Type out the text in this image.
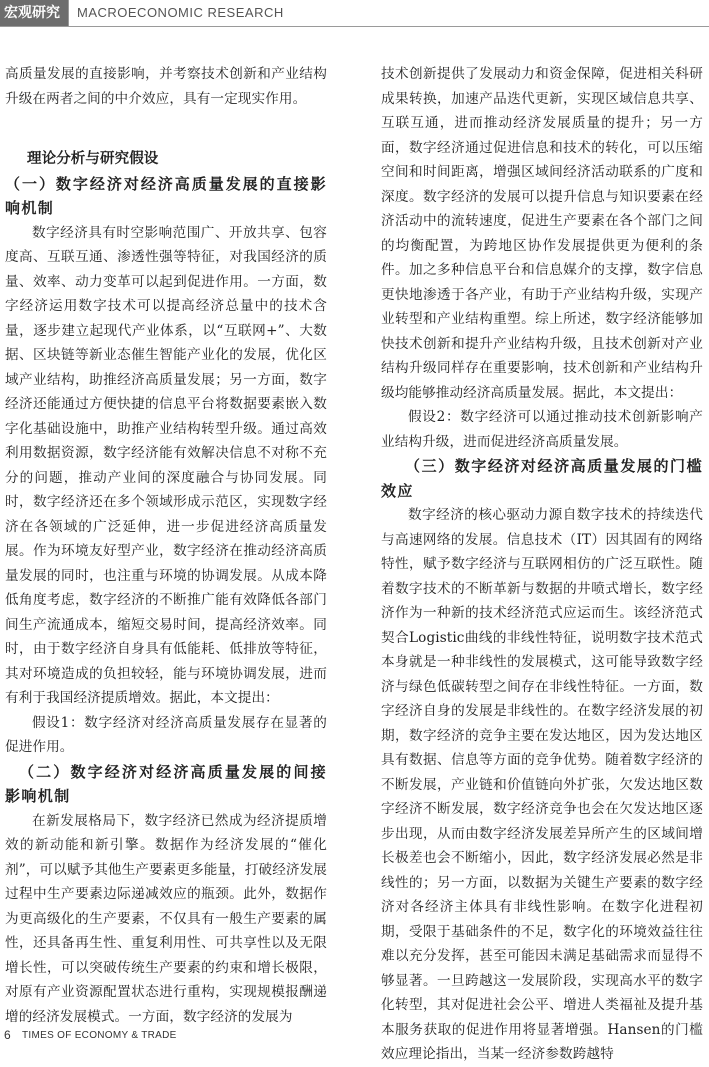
宏观研究	MACROECONOMIC RESEARCH

高质量发展的直接影响，并考察技术创新和产业结构升级在两者之间的中介效应，具有一定现实作用。

理论分析与研究假设

（一）数字经济对经济高质量发展的直接影响机制

数字经济具有时空影响范围广、开放共享、包容度高、互联互通、渗透性强等特征，对我国经济的质量、效率、动力变革可以起到促进作用。一方面，数字经济运用数字技术可以提高经济总量中的技术含量，逐步建立起现代产业体系，以“互联网+”、大数据、区块链等新业态催生智能产业化的发展，优化区域产业结构，助推经济高质量发展；另一方面，数字经济还能通过方便快捷的信息平台将数据要素嵌入数字化基础设施中，助推产业结构转型升级。通过高效利用数据资源，数字经济能有效解决信息不对称不充分的问题，推动产业间的深度融合与协同发展。同时，数字经济还在多个领域形成示范区，实现数字经济在各领域的广泛延伸，进一步促进经济高质量发展。作为环境友好型产业，数字经济在推动经济高质量发展的同时，也注重与环境的协调发展。从成本降低角度考虑，数字经济的不断推广能有效降低各部门间生产流通成本，缩短交易时间，提高经济效率。同时，由于数字经济自身具有低能耗、低排放等特征，其对环境造成的负担较轻，能与环境协调发展，进而有利于我国经济提质增效。据此，本文提出：

假设1：数字经济对经济高质量发展存在显著的促进作用。

（二）数字经济对经济高质量发展的间接影响机制

在新发展格局下，数字经济已然成为经济提质增效的新动能和新引擎。数据作为经济发展的“催化剂”，可以赋予其他生产要素更多能量，打破经济发展过程中生产要素边际递减效应的瓶颈。此外，数据作为更高级化的生产要素，不仅具有一般生产要素的属性，还具备再生性、重复利用性、可共享性以及无限增长性，可以突破传统生产要素的约束和增长极限，对原有产业资源配置状态进行重构，实现规模报酬递增的经济发展模式。一方面，数字经济的发展为

技术创新提供了发展动力和资金保障，促进相关科研成果转换，加速产品迭代更新，实现区域信息共享、互联互通，进而推动经济发展质量的提升；另一方面，数字经济通过促进信息和技术的转化，可以压缩空间和时间距离，增强区域间经济活动联系的广度和深度。数字经济的发展可以提升信息与知识要素在经济活动中的流转速度，促进生产要素在各个部门之间的均衡配置，为跨地区协作发展提供更为便利的条件。加之多种信息平台和信息媒介的支撑，数字信息更快地渗透于各产业，有助于产业结构升级，实现产业转型和产业结构重塑。综上所述，数字经济能够加快技术创新和提升产业结构升级，且技术创新对产业结构升级同样存在重要影响，技术创新和产业结构升级均能够推动经济高质量发展。据此，本文提出：

假设2：数字经济可以通过推动技术创新影响产业结构升级，进而促进经济高质量发展。

（三）数字经济对经济高质量发展的门槛效应

数字经济的核心驱动力源自数字技术的持续迭代与高速网络的发展。信息技术（IT）因其固有的网络特性，赋予数字经济与互联网相仿的广泛互联性。随着数字技术的不断革新与数据的井喷式增长，数字经济作为一种新的技术经济范式应运而生。该经济范式契合Logistic曲线的非线性特征，说明数字技术范式本身就是一种非线性的发展模式，这可能导致数字经济与绿色低碳转型之间存在非线性特征。一方面，数字经济自身的发展是非线性的。在数字经济发展的初期，数字经济的竞争主要在发达地区，因为发达地区具有数据、信息等方面的竞争优势。随着数字经济的不断发展，产业链和价值链向外扩张，欠发达地区数字经济不断发展，数字经济竞争也会在欠发达地区逐步出现，从而由数字经济发展差异所产生的区域间增长极差也会不断缩小，因此，数字经济发展必然是非线性的；另一方面，以数据为关键生产要素的数字经济对各经济主体具有非线性影响。在数字化进程初期，受限于基础条件的不足，数字化的环境效益往往难以充分发挥，甚至可能因未满足基础需求而显得不够显著。一旦跨越这一发展阶段，实现高水平的数字化转型，其对促进社会公平、增进人类福祉及提升基本服务获取的促进作用将显著增强。Hansen的门槛效应理论指出，当某一经济参数跨越特

6 TIMES OF ECONOMY & TRADE
